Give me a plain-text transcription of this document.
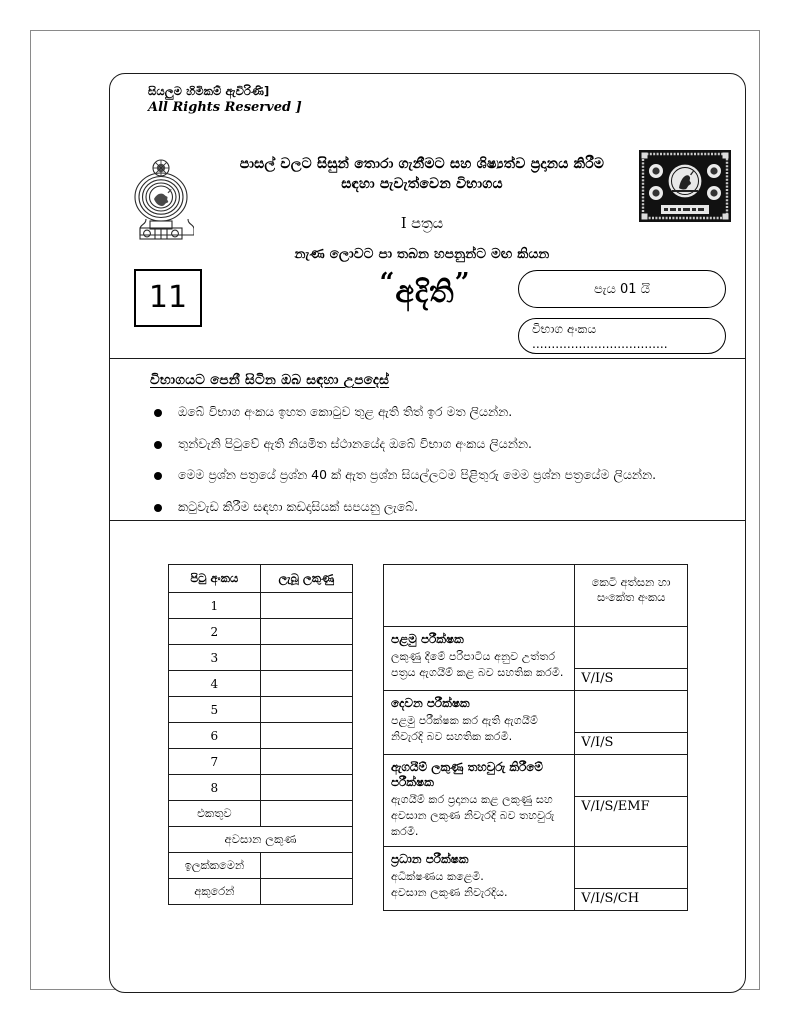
සියලුම හිමිකම් ඇවිරිණි]
All Rights Reserved ]
පාසල් වලට සිසුන් තොරා ගැනීමට සහ ශිෂ්‍යත්ව ප්‍රදානය කිරීම
සඳහා පැවැත්වෙන විභාගය
I පත්‍රය
නැණ ලොවට පා තබන හපනුන්ට මඟ කියන
11	“අදිති”	පැය 01 යි
විභාග අංකය ...................................
විභාගයට පෙනී සිටින ඔබ සඳහා උපදෙස්
ඔබේ විභාග අංකය ඉහත කොටුව තුළ ඇති තිත් ඉර මත ලියන්න.
තුන්වැනි පිටුවේ ඇති නියමිත ස්ථානයේද ඔබේ විභාග අංකය ලියන්න.
මෙම ප්‍රශ්න පත්‍රයේ ප්‍රශ්න 40 ක් ඇත ප්‍රශ්න සියල්ලටම පිළිතුරු මෙම ප්‍රශ්න පත්‍රයේම ලියන්න.
කටුවැඩ කිරීම සඳහා කඩදාසියක් සපයනු ලැබේ.
පිටු අංකය	ලැබූ ලකුණු
1	
2	
3	
4	
5	
6	
7	
8	
එකතුව	
අවසාන ලකුණ	
ඉලක්කමෙන්	
අකුරෙන්	
	කෙටි අත්සන හා
සංකේත අංකය

පළමු පරීක්ෂක
ලකුණු දීමේ පරිපාටිය අනුව උත්තර
පත්‍රය ඇගයීම් කළ බව සහතික කරමි.	V/I/S

දෙවන පරීක්ෂක
පළමු පරීක්ෂක කර ඇති ඇගයීම්
නිවැරදි බව සහතික කරමි.	V/I/S

ඇගයීම් ලකුණු තහවුරු කිරීමේ පරීක්ෂක
ඇගයීම් කර ප්‍රදානය කළ ලකුණු සහ
අවසාන ලකුණ නිවැරදි බව තහවුරු කරමි.	V/I/S/EMF

ප්‍රධාන පරීක්ෂක
අධීක්ෂණය කළෙමි.
අවසාන ලකුණ නිවැරදිය.	V/I/S/CH
